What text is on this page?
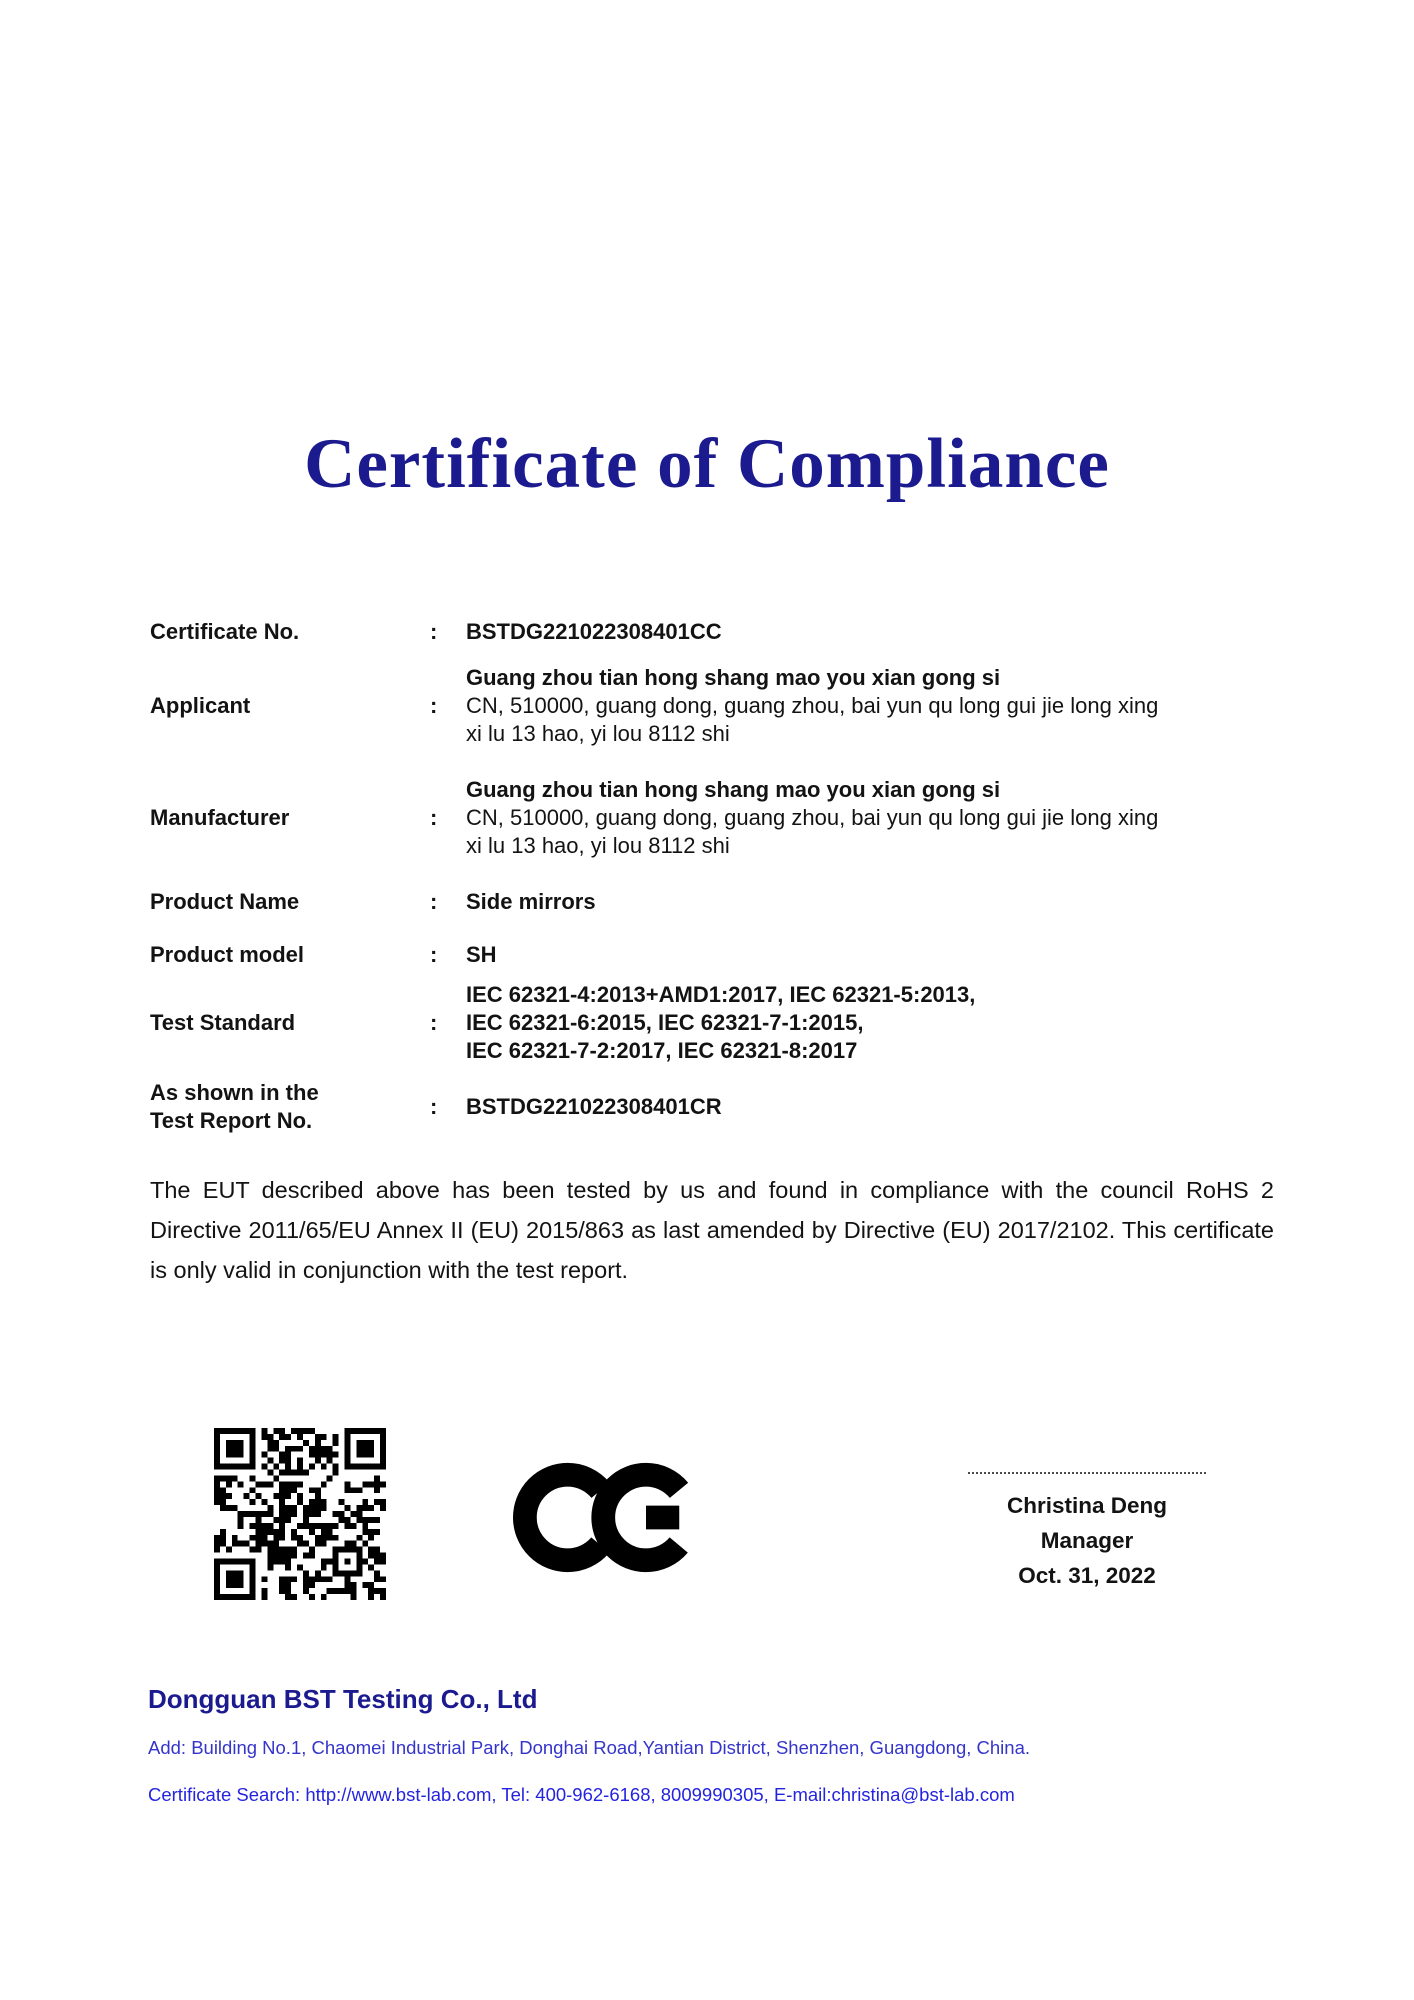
Certificate of Compliance
Certificate No.	:	BSTDG221022308401CC
Applicant	:
Guang zhou tian hong shang mao you xian gong si
CN, 510000, guang dong, guang zhou, bai yun qu long gui jie long xing
xi lu 13 hao, yi lou 8112 shi
Manufacturer	:
Guang zhou tian hong shang mao you xian gong si
CN, 510000, guang dong, guang zhou, bai yun qu long gui jie long xing
xi lu 13 hao, yi lou 8112 shi
Product Name	:	Side mirrors
Product model	:	SH
Test Standard	:
IEC 62321-4:2013+AMD1:2017, IEC 62321-5:2013,
IEC 62321-6:2015, IEC 62321-7-1:2015,
IEC 62321-7-2:2017, IEC 62321-8:2017
As shown in the
Test Report No.
:	BSTDG221022308401CR

The EUT described above has been tested by us and found in compliance with the council RoHS 2 Directive 2011/65/EU Annex II (EU) 2015/863 as last amended by Directive (EU) 2017/2102. This certificate is only valid in conjunction with the test report.

Christina Deng
Manager
Oct. 31, 2022
Dongguan BST Testing Co., Ltd
Add: Building No.1, Chaomei Industrial Park, Donghai Road,Yantian District, Shenzhen, Guangdong, China.
Certificate Search: http://www.bst-lab.com, Tel: 400-962-6168, 8009990305, E-mail:christina@bst-lab.com
